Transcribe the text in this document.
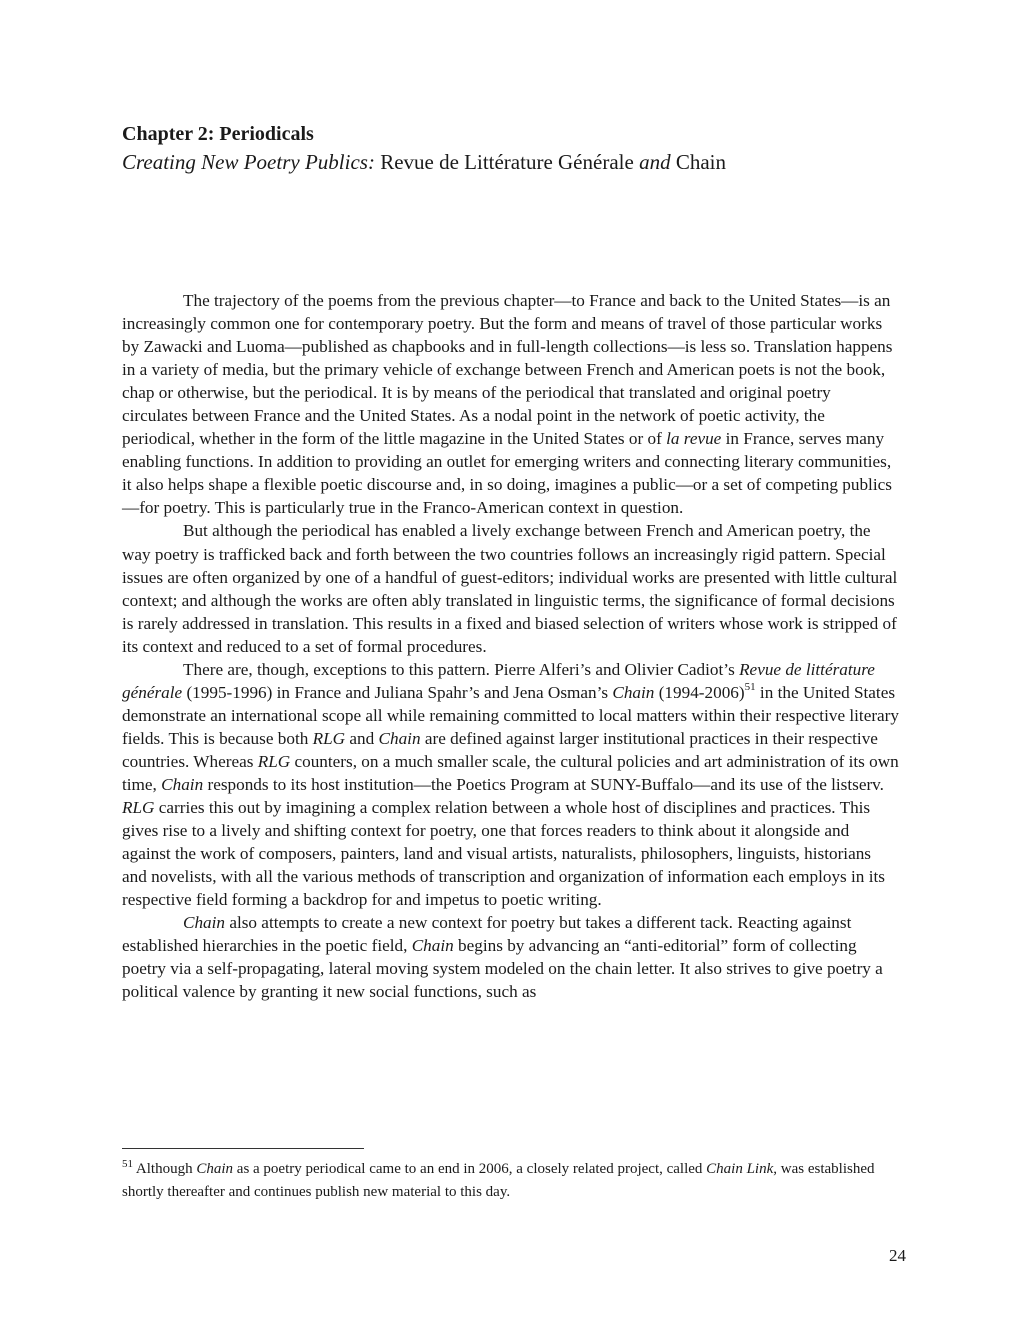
Chapter 2: Periodicals
Creating New Poetry Publics: Revue de Littérature Générale and Chain

The trajectory of the poems from the previous chapter—to France and back to the United States—is an increasingly common one for contemporary poetry. But the form and means of travel of those particular works by Zawacki and Luoma—published as chapbooks and in full-length collections—is less so. Translation happens in a variety of media, but the primary vehicle of exchange between French and American poets is not the book, chap or otherwise, but the periodical. It is by means of the periodical that translated and original poetry circulates between France and the United States. As a nodal point in the network of poetic activity, the periodical, whether in the form of the little magazine in the United States or of la revue in France, serves many enabling functions. In addition to providing an outlet for emerging writers and connecting literary communities, it also helps shape a flexible poetic discourse and, in so doing, imagines a public—or a set of competing publics—for poetry. This is particularly true in the Franco-American context in question.

But although the periodical has enabled a lively exchange between French and American poetry, the way poetry is trafficked back and forth between the two countries follows an increasingly rigid pattern. Special issues are often organized by one of a handful of guest-editors; individual works are presented with little cultural context; and although the works are often ably translated in linguistic terms, the significance of formal decisions is rarely addressed in translation. This results in a fixed and biased selection of writers whose work is stripped of its context and reduced to a set of formal procedures.

There are, though, exceptions to this pattern. Pierre Alferi’s and Olivier Cadiot’s Revue de littérature générale (1995-1996) in France and Juliana Spahr’s and Jena Osman’s Chain (1994-2006)$^{51}$ in the United States demonstrate an international scope all while remaining committed to local matters within their respective literary fields. This is because both RLG and Chain are defined against larger institutional practices in their respective countries. Whereas RLG counters, on a much smaller scale, the cultural policies and art administration of its own time, Chain responds to its host institution—the Poetics Program at SUNY-Buffalo—and its use of the listserv. RLG carries this out by imagining a complex relation between a whole host of disciplines and practices. This gives rise to a lively and shifting context for poetry, one that forces readers to think about it alongside and against the work of composers, painters, land and visual artists, naturalists, philosophers, linguists, historians and novelists, with all the various methods of transcription and organization of information each employs in its respective field forming a backdrop for and impetus to poetic writing.

Chain also attempts to create a new context for poetry but takes a different tack. Reacting against established hierarchies in the poetic field, Chain begins by advancing an “anti-editorial” form of collecting poetry via a self-propagating, lateral moving system modeled on the chain letter. It also strives to give poetry a political valence by granting it new social functions, such as

$^{51}$ Although Chain as a poetry periodical came to an end in 2006, a closely related project, called Chain Link, was established shortly thereafter and continues publish new material to this day.
24
